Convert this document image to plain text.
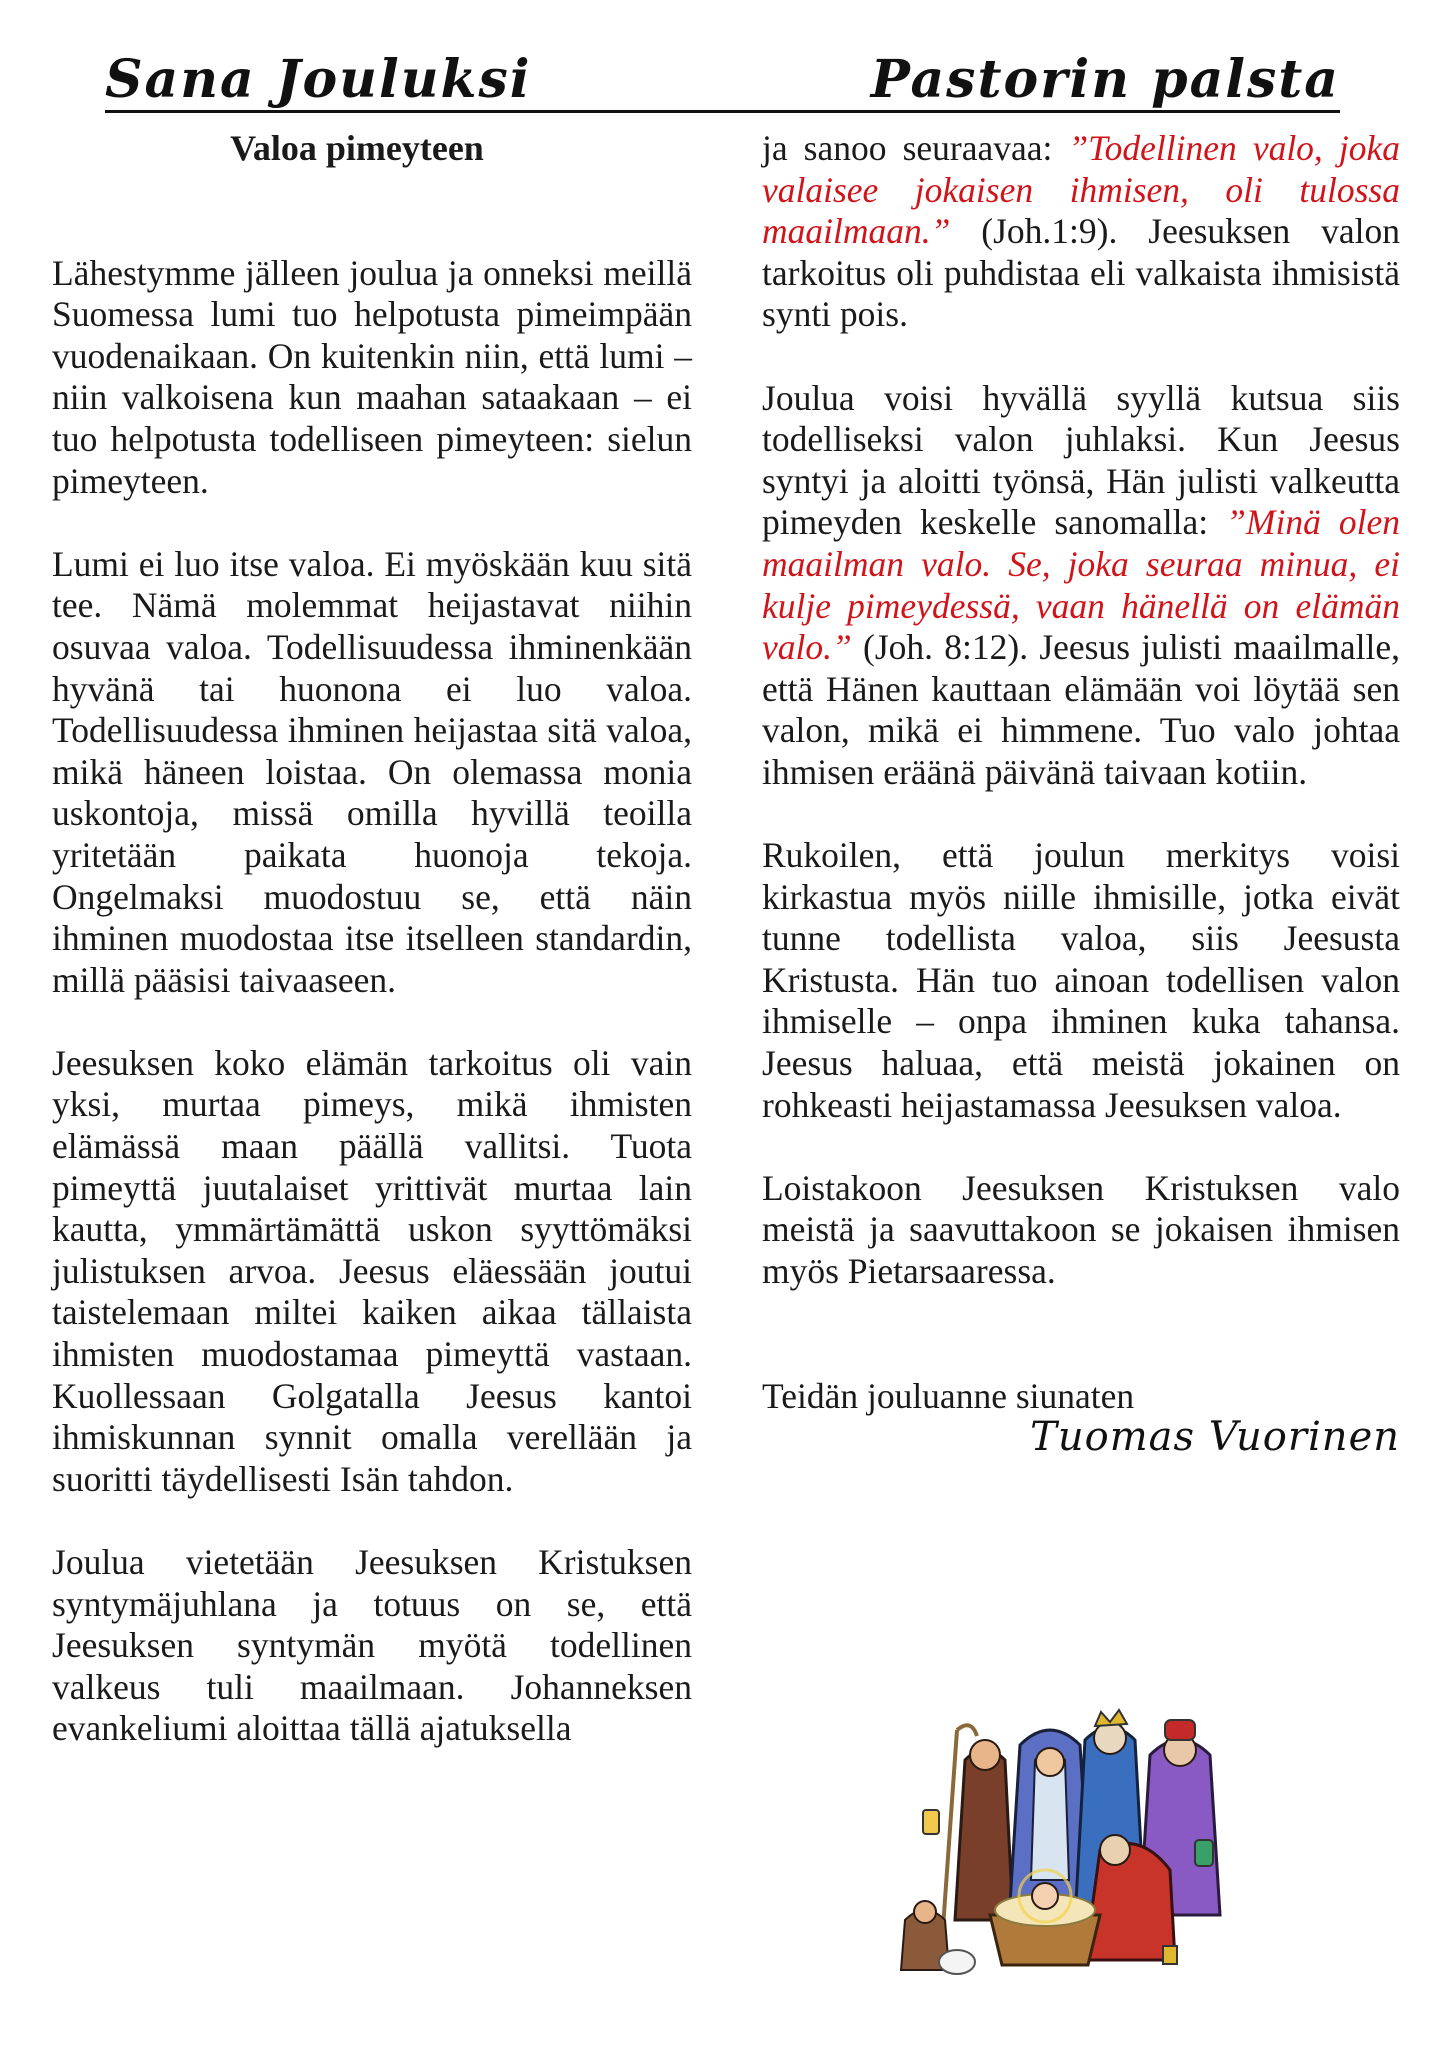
Sana Jouluksi	Pastorin palsta

Valoa pimeyteen

Lähestymme jälleen joulua ja onneksi meillä Suomessa lumi tuo helpotusta pimeimpään vuodenaikaan. On kuitenkin niin, että lumi – niin valkoisena kun maahan sataakaan – ei tuo helpotusta todelliseen pimeyteen: sielun pimeyteen.

Lumi ei luo itse valoa. Ei myöskään kuu sitä tee. Nämä molemmat heijastavat niihin osuvaa valoa. Todellisuudessa ihminenkään hyvänä tai huonona ei luo valoa. Todellisuudessa ihminen heijastaa sitä valoa, mikä häneen loistaa. On olemassa monia uskontoja, missä omilla hyvillä teoilla yritetään paikata huonoja tekoja. Ongelmaksi muodostuu se, että näin ihminen muodostaa itse itselleen standardin, millä pääsisi taivaaseen.

Jeesuksen koko elämän tarkoitus oli vain yksi, murtaa pimeys, mikä ihmisten elämässä maan päällä vallitsi. Tuota pimeyttä juutalaiset yrittivät murtaa lain kautta, ymmärtämättä uskon syyttömäksi julistuksen arvoa. Jeesus eläessään joutui taistelemaan miltei kaiken aikaa tällaista ihmisten muodostamaa pimeyttä vastaan. Kuollessaan Golgatalla Jeesus kantoi ihmiskunnan synnit omalla verellään ja suoritti täydellisesti Isän tahdon.

Joulua vietetään Jeesuksen Kristuksen syntymäjuhlana ja totuus on se, että Jeesuksen syntymän myötä todellinen valkeus tuli maailmaan. Johanneksen evankeliumi aloittaa tällä ajatuksella

ja sanoo seuraavaa: ”Todellinen valo, joka valaisee jokaisen ihmisen, oli tulossa maailmaan.” (Joh.1:9). Jeesuksen valon tarkoitus oli puhdistaa eli valkaista ihmisistä synti pois.

Joulua voisi hyvällä syyllä kutsua siis todelliseksi valon juhlaksi. Kun Jeesus syntyi ja aloitti työnsä, Hän julisti valkeutta pimeyden keskelle sanomalla: ”Minä olen maailman valo. Se, joka seuraa minua, ei kulje pimeydessä, vaan hänellä on elämän valo.” (Joh. 8:12). Jeesus julisti maailmalle, että Hänen kauttaan elämään voi löytää sen valon, mikä ei himmene. Tuo valo johtaa ihmisen eräänä päivänä taivaan kotiin.

Rukoilen, että joulun merkitys voisi kirkastua myös niille ihmisille, jotka eivät tunne todellista valoa, siis Jeesusta Kristusta. Hän tuo ainoan todellisen valon ihmiselle – onpa ihminen kuka tahansa. Jeesus haluaa, että meistä jokainen on rohkeasti heijastamassa Jeesuksen valoa.

Loistakoon Jeesuksen Kristuksen valo meistä ja saavuttakoon se jokaisen ihmisen myös Pietarsaaressa.

Teidän jouluanne siunaten

Tuomas Vuorinen
